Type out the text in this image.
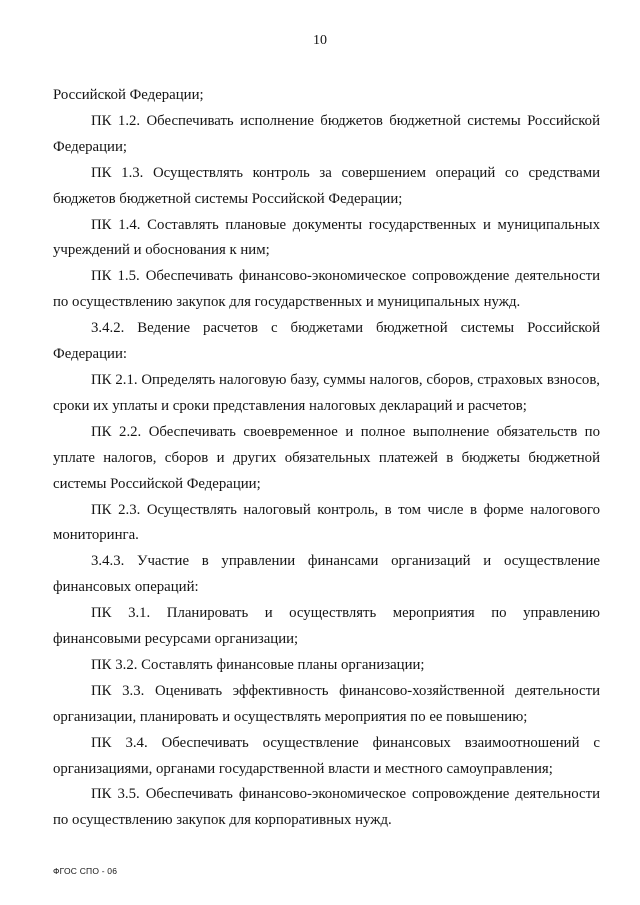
10

Российской Федерации;

ПК 1.2. Обеспечивать исполнение бюджетов бюджетной системы Российской Федерации;

ПК 1.3. Осуществлять контроль за совершением операций со средствами бюджетов бюджетной системы Российской Федерации;

ПК 1.4. Составлять плановые документы государственных и муниципальных учреждений и обоснования к ним;

ПК 1.5. Обеспечивать финансово-экономическое сопровождение деятельности по осуществлению закупок для государственных и муниципальных нужд.

3.4.2. Ведение расчетов с бюджетами бюджетной системы Российской Федерации:

ПК 2.1. Определять налоговую базу, суммы налогов, сборов, страховых взносов, сроки их уплаты и сроки представления налоговых деклараций и расчетов;

ПК 2.2. Обеспечивать своевременное и полное выполнение обязательств по уплате налогов, сборов и других обязательных платежей в бюджеты бюджетной системы Российской Федерации;

ПК 2.3. Осуществлять налоговый контроль, в том числе в форме налогового мониторинга.

3.4.3. Участие в управлении финансами организаций и осуществление финансовых операций:

ПК 3.1. Планировать и осуществлять мероприятия по управлению финансовыми ресурсами организации;

ПК 3.2. Составлять финансовые планы организации;

ПК 3.3. Оценивать эффективность финансово-хозяйственной деятельности организации, планировать и осуществлять мероприятия по ее повышению;

ПК 3.4. Обеспечивать осуществление финансовых взаимоотношений с организациями, органами государственной власти и местного самоуправления;

ПК 3.5. Обеспечивать финансово-экономическое сопровождение деятельности по осуществлению закупок для корпоративных нужд.

ФГОС СПО - 06
